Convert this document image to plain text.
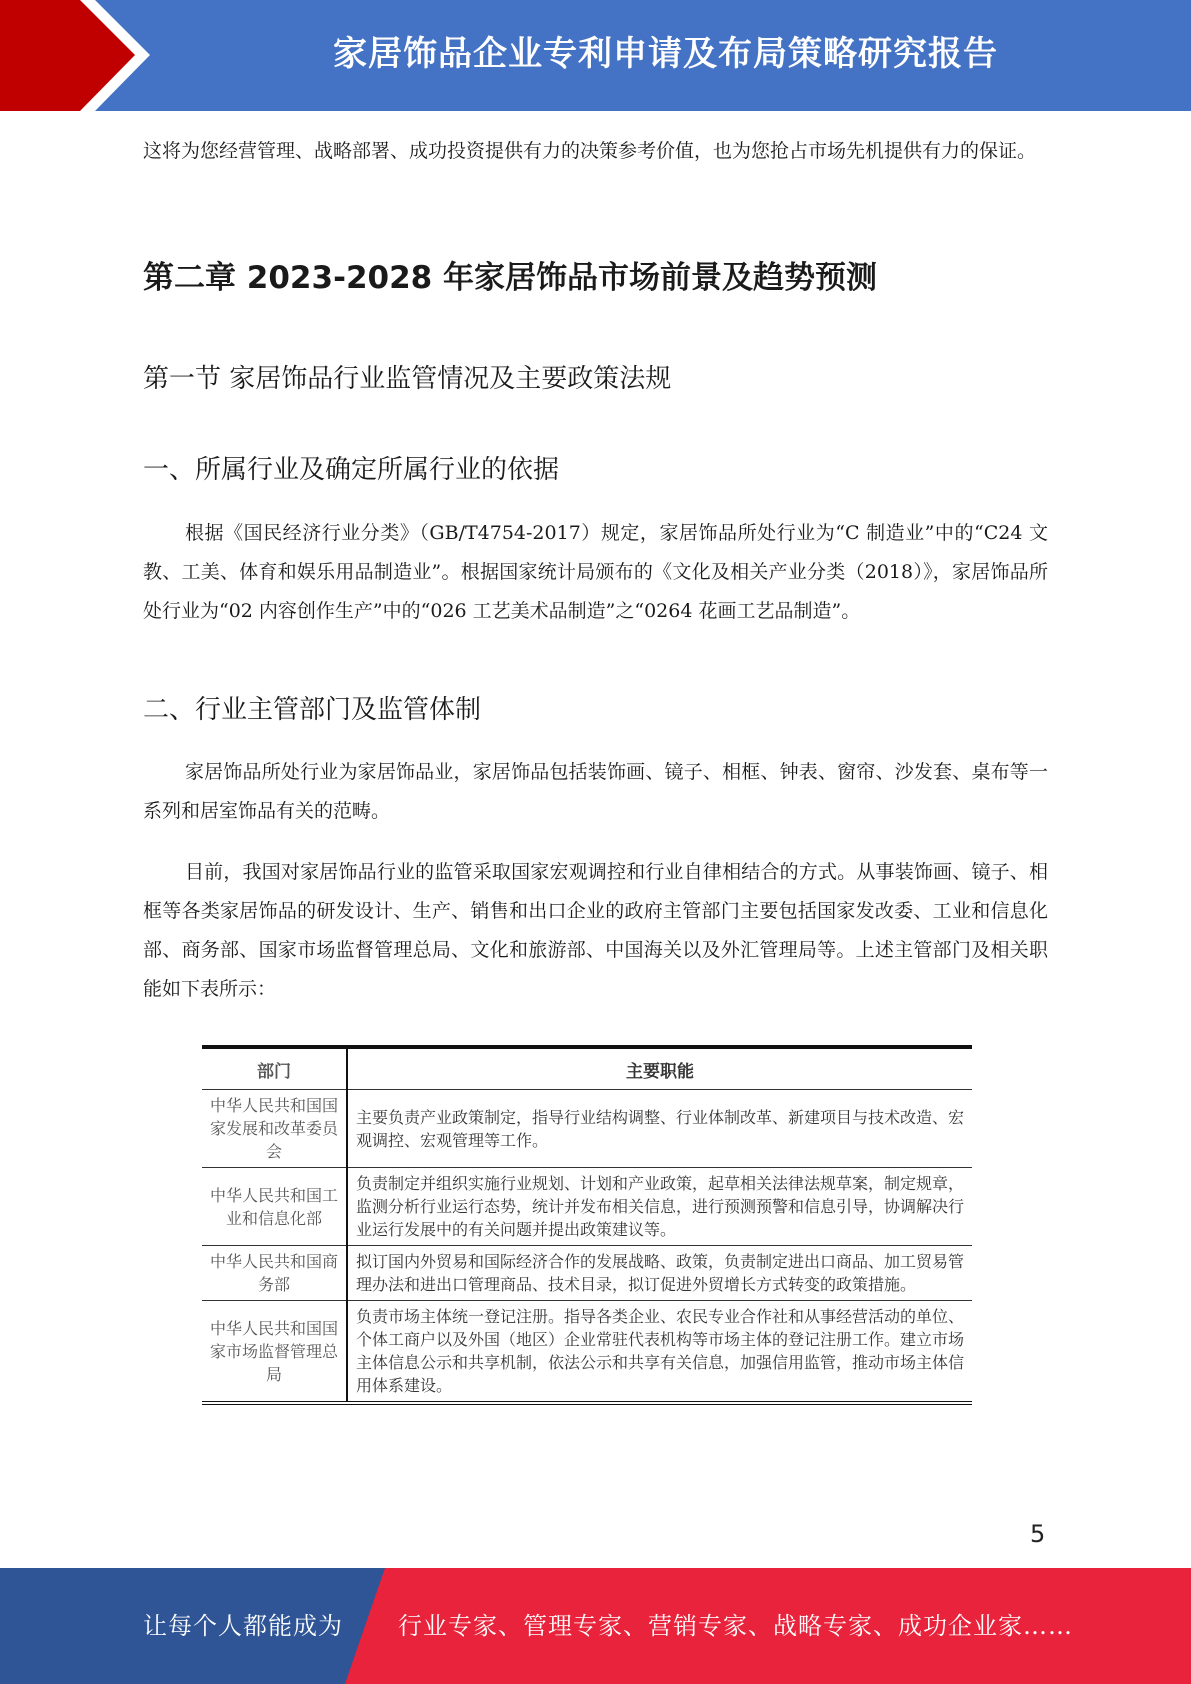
家居饰品企业专利申请及布局策略研究报告

这将为您经营管理、战略部署、成功投资提供有力的决策参考价值，也为您抢占市场先机提供有力的保证。

第二章 2023-2028 年家居饰品市场前景及趋势预测
第一节 家居饰品行业监管情况及主要政策法规
一、所属行业及确定所属行业的依据

根据《国民经济行业分类》（GB/T4754-2017）规定，家居饰品所处行业为“C 制造业”中的“C24 文教、工美、体育和娱乐用品制造业”。根据国家统计局颁布的《文化及相关产业分类（2018）》，家居饰品所处行业为“02 内容创作生产”中的“026 工艺美术品制造”之“0264 花画工艺品制造”。

二、行业主管部门及监管体制

家居饰品所处行业为家居饰品业，家居饰品包括装饰画、镜子、相框、钟表、窗帘、沙发套、桌布等一系列和居室饰品有关的范畴。

目前，我国对家居饰品行业的监管采取国家宏观调控和行业自律相结合的方式。从事装饰画、镜子、相框等各类家居饰品的研发设计、生产、销售和出口企业的政府主管部门主要包括国家发改委、工业和信息化部、商务部、国家市场监督管理总局、文化和旅游部、中国海关以及外汇管理局等。上述主管部门及相关职能如下表所示：

部门	主要职能
中华人民共和国国家发展和改革委员会	主要负责产业政策制定，指导行业结构调整、行业体制改革、新建项目与技术改造、宏观调控、宏观管理等工作。
中华人民共和国工业和信息化部	负责制定并组织实施行业规划、计划和产业政策，起草相关法律法规草案，制定规章，监测分析行业运行态势，统计并发布相关信息，进行预测预警和信息引导，协调解决行业运行发展中的有关问题并提出政策建议等。
中华人民共和国商务部	拟订国内外贸易和国际经济合作的发展战略、政策，负责制定进出口商品、加工贸易管理办法和进出口管理商品、技术目录，拟订促进外贸增长方式转变的政策措施。
中华人民共和国国家市场监督管理总局	负责市场主体统一登记注册。指导各类企业、农民专业合作社和从事经营活动的单位、个体工商户以及外国（地区）企业常驻代表机构等市场主体的登记注册工作。建立市场主体信息公示和共享机制，依法公示和共享有关信息，加强信用监管，推动市场主体信用体系建设。
5
让每个人都能成为 行业专家、管理专家、营销专家、战略专家、成功企业家……
